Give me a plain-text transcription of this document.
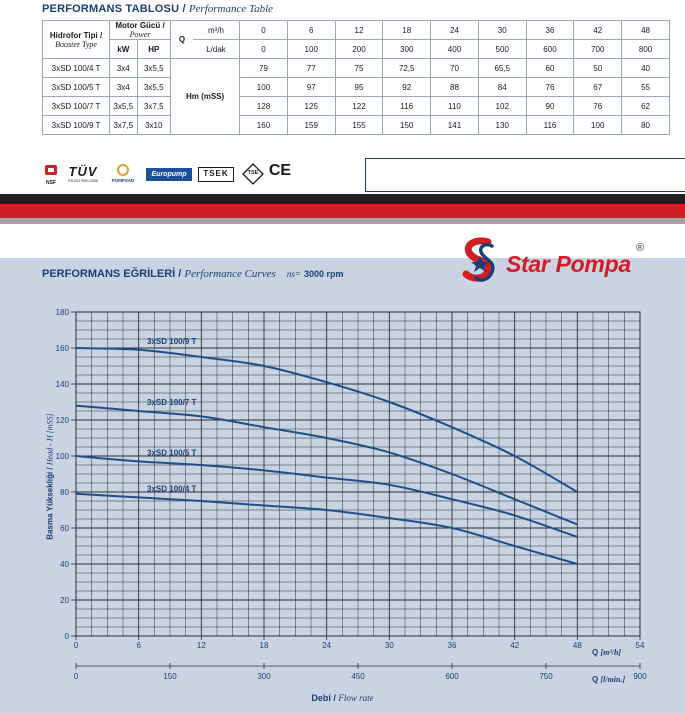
PERFORMANS TABLOSU / Performance Table
Hidrofor Tipi /
Booster Type	Motor Gücü / Power		Q	m³/h	0	6	12	18	24	30	36	42	48
	kW	HP		L/dak	0	100	200	300	400	500	600	700	800
3xSD 100/4 T	3x4	3x5,5	Hm (mSS)		79	77	75	72,5	70	65,5	60	50	40
3xSD 100/5 T	3x4	3x5,5			100	97	95	92	88	84	76	67	55
3xSD 100/7 T	3x5,5	3x7,5			128	125	122	116	110	102	90	76	62
3xSD 100/9 T	3x7,5	3x10			160	159	155	150	141	130	116	100	80
NSF
TÜV
EN ISO 9001:2008	POMPSAD
Europump	TSEK	TSE CE
PERFORMANS EĞRİLERİ / Performance Curves ns= 3000 rpm	Star Pompa
®
3xSD 100/9 T
3xSD 100/7 T
3xSD 100/5 T
3xSD 100/4 T
0
20
40
60
80
100
120
140
160
180
0	6	12	18	24	30	36	42	48	54
0	150	300	450	600	750	900
Q [m³/h]
Q [l/min.]
Basma Yüksekliği / Head - H [mSS]
Debi / Flow rate
